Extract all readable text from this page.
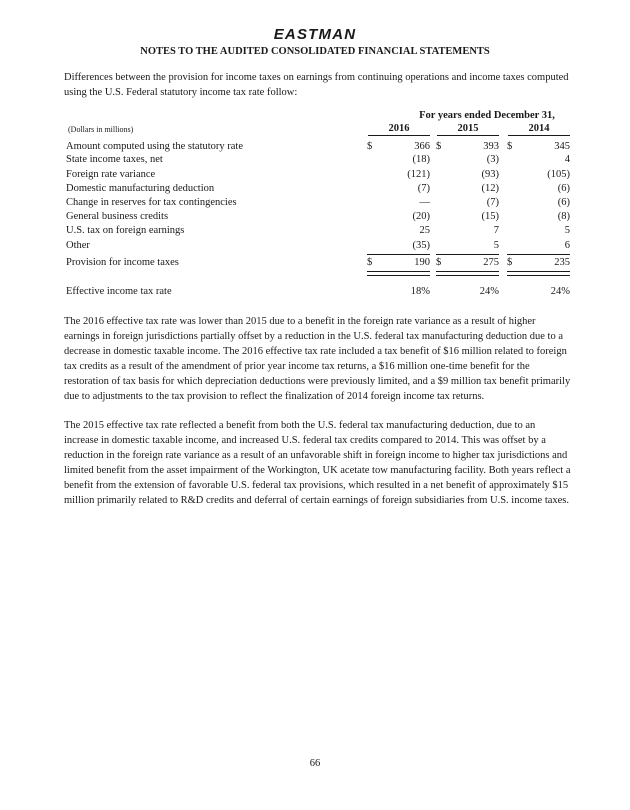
EASTMAN
NOTES TO THE AUDITED CONSOLIDATED FINANCIAL STATEMENTS
Differences between the provision for income taxes on earnings from continuing operations and income taxes computed using the U.S. Federal statutory income tax rate follow:
For years ended December 31,
(Dollars in millions)	2016	2015	2014
Amount computed using the statutory rate	$	366 $	393 $	345
State income taxes, net	(18)	(3)	4
Foreign rate variance	(121)	(93)	(105)
Domestic manufacturing deduction	(7)	(12)	(6)
Change in reserves for tax contingencies	—	(7)	(6)
General business credits	(20)	(15)	(8)
U.S. tax on foreign earnings	25	7	5
Other	(35)	5	6
Provision for income taxes	$	190 $	275 $	235
Effective income tax rate	18%	24%	24%

The 2016 effective tax rate was lower than 2015 due to a benefit in the foreign rate variance as a result of higher earnings in foreign jurisdictions partially offset by a reduction in the U.S. federal tax manufacturing deduction due to a decrease in domestic taxable income. The 2016 effective tax rate included a tax benefit of $16 million related to foreign tax credits as a result of the amendment of prior year income tax returns, a $16 million one-time benefit for the restoration of tax basis for which depreciation deductions were previously limited, and a $9 million tax benefit primarily due to adjustments to the tax provision to reflect the finalization of 2014 foreign income tax returns.

The 2015 effective tax rate reflected a benefit from both the U.S. federal tax manufacturing deduction, due to an increase in domestic taxable income, and increased U.S. federal tax credits compared to 2014. This was offset by a reduction in the foreign rate variance as a result of an unfavorable shift in foreign income to higher tax jurisdictions and limited benefit from the asset impairment of the Workington, UK acetate tow manufacturing facility. Both years reflect a benefit from the extension of favorable U.S. federal tax provisions, which resulted in a net benefit of approximately $15 million primarily related to R&D credits and deferral of certain earnings of foreign subsidiaries from U.S. income taxes.

66
